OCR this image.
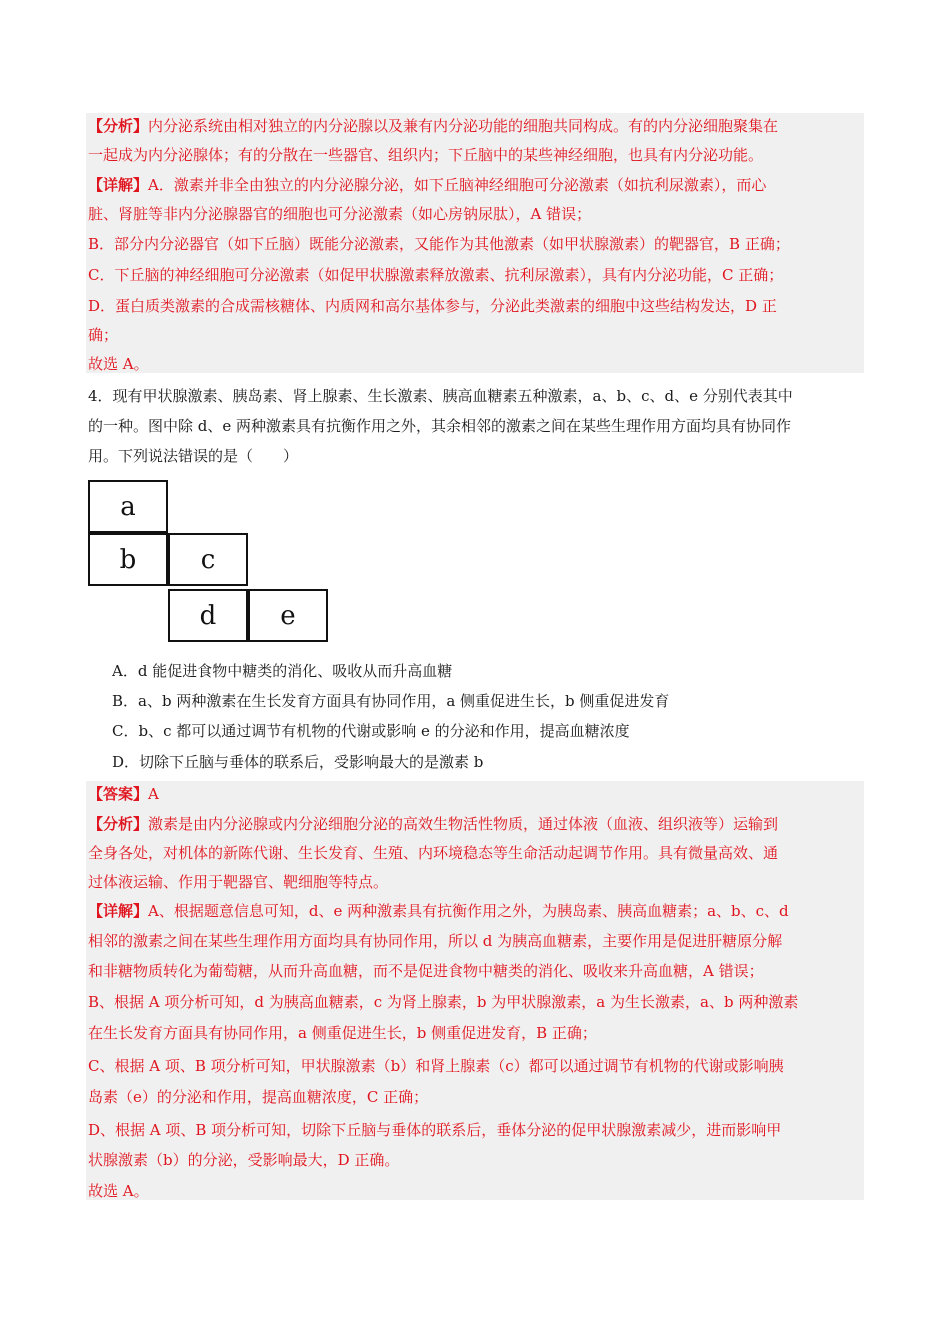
【分析】内分泌系统由相对独立的内分泌腺以及兼有内分泌功能的细胞共同构成。有的内分泌细胞聚集在
一起成为内分泌腺体；有的分散在一些器官、组织内；下丘脑中的某些神经细胞，也具有内分泌功能。
【详解】A．激素并非全由独立的内分泌腺分泌，如下丘脑神经细胞可分泌激素（如抗利尿激素），而心
脏、肾脏等非内分泌腺器官的细胞也可分泌激素（如心房钠尿肽），A 错误；
B．部分内分泌器官（如下丘脑）既能分泌激素，又能作为其他激素（如甲状腺激素）的靶器官，B 正确；
C．下丘脑的神经细胞可分泌激素（如促甲状腺激素释放激素、抗利尿激素），具有内分泌功能，C 正确；
D．蛋白质类激素的合成需核糖体、内质网和高尔基体参与，分泌此类激素的细胞中这些结构发达，D 正
确；
故选 A。
4．现有甲状腺激素、胰岛素、肾上腺素、生长激素、胰高血糖素五种激素，a、b、c、d、e 分别代表其中
的一种。图中除 d、e 两种激素具有抗衡作用之外，其余相邻的激素之间在某些生理作用方面均具有协同作
用。下列说法错误的是（　　）
a
b	c
d	e
A．d 能促进食物中糖类的消化、吸收从而升高血糖
B．a、b 两种激素在生长发育方面具有协同作用，a 侧重促进生长，b 侧重促进发育
C．b、c 都可以通过调节有机物的代谢或影响 e 的分泌和作用，提高血糖浓度
D．切除下丘脑与垂体的联系后，受影响最大的是激素 b
【答案】A
【分析】激素是由内分泌腺或内分泌细胞分泌的高效生物活性物质，通过体液（血液、组织液等）运输到
全身各处，对机体的新陈代谢、生长发育、生殖、内环境稳态等生命活动起调节作用。具有微量高效、通
过体液运输、作用于靶器官、靶细胞等特点。
【详解】A、根据题意信息可知，d、e 两种激素具有抗衡作用之外，为胰岛素、胰高血糖素；a、b、c、d
相邻的激素之间在某些生理作用方面均具有协同作用，所以 d 为胰高血糖素，主要作用是促进肝糖原分解
和非糖物质转化为葡萄糖，从而升高血糖，而不是促进食物中糖类的消化、吸收来升高血糖，A 错误；
B、根据 A 项分析可知，d 为胰高血糖素，c 为肾上腺素，b 为甲状腺激素，a 为生长激素，a、b 两种激素
在生长发育方面具有协同作用，a 侧重促进生长，b 侧重促进发育，B 正确；
C、根据 A 项、B 项分析可知，甲状腺激素（b）和肾上腺素（c）都可以通过调节有机物的代谢或影响胰
岛素（e）的分泌和作用，提高血糖浓度，C 正确；
D、根据 A 项、B 项分析可知，切除下丘脑与垂体的联系后，垂体分泌的促甲状腺激素减少，进而影响甲
状腺激素（b）的分泌，受影响最大，D 正确。
故选 A。
